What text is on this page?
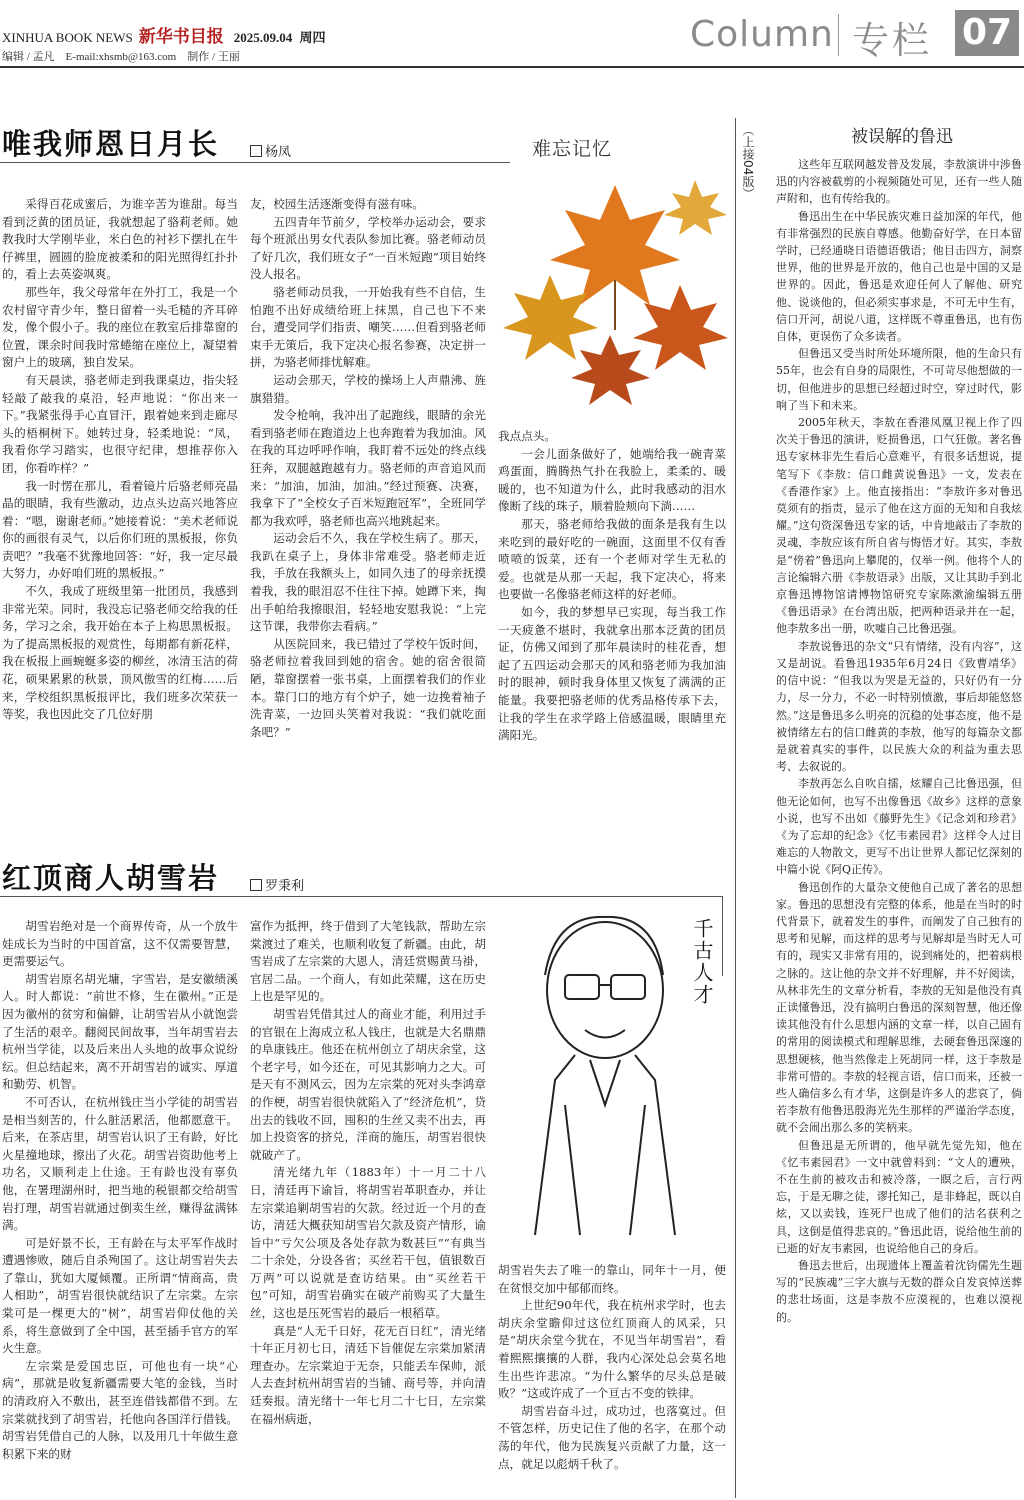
XINHUA BOOK NEWS 新华书目报 2025.09.04 周四
编辑 / 孟凡　E-mail:xhsmb@163.com　制作 / 王丽
Column 专栏 07
唯我师恩日月长	杨凤	难忘记忆

采得百花成蜜后，为谁辛苦为谁甜。每当看到泛黄的团员证，我就想起了骆莉老师。她教我时大学刚毕业，米白色的衬衫下摆扎在牛仔裤里，圆圆的脸庞被柔和的阳光照得红扑扑的，看上去英姿飒爽。

那些年，我父母常年在外打工，我是一个农村留守青少年，整日留着一头毛糙的齐耳碎发，像个假小子。我的座位在教室后排靠窗的位置，课余时间我时常蜷缩在座位上，凝望着窗户上的玻璃，独自发呆。

有天晨读，骆老师走到我课桌边，指尖轻轻敲了敲我的桌沿，轻声地说：“你出来一下。”我紧张得手心直冒汗，跟着她来到走廊尽头的梧桐树下。她转过身，轻柔地说：“凤，我看你学习踏实，也很守纪律，想推荐你入团，你看咋样？”

我一时愣在那儿，看着镜片后骆老师亮晶晶的眼睛，我有些激动，边点头边高兴地答应着：“嗯，谢谢老师。”她接着说：“美术老师说你的画很有灵气，以后你们班的黑板报，你负责吧？”我毫不犹豫地回答：“好，我一定尽最大努力，办好咱们班的黑板报。”

不久，我成了班级里第一批团员，我感到非常光荣。同时，我没忘记骆老师交给我的任务，学习之余，我开始在本子上构思黑板报。为了提高黑板报的观赏性，每期都有新花样，我在板报上画蜿蜒多姿的柳丝，冰清玉洁的荷花，硕果累累的秋景，顶风傲雪的红梅……后来，学校组织黑板报评比，我们班多次荣获一等奖，我也因此交了几位好朋

友，校园生活逐渐变得有滋有味。

五四青年节前夕，学校举办运动会，要求每个班派出男女代表队参加比赛。骆老师动员了好几次，我们班女子“一百米短跑”项目始终没人报名。

骆老师动员我，一开始我有些不自信，生怕跑不出好成绩给班上抹黑，自己也下不来台，遭受同学们指责、嘲笑……但看到骆老师束手无策后，我下定决心报名参赛，决定拼一拼，为骆老师排忧解难。

运动会那天，学校的操场上人声鼎沸、旌旗猎猎。

发令枪响，我冲出了起跑线，眼睛的余光看到骆老师在跑道边上也奔跑着为我加油。风在我的耳边呼呼作响，我盯着不远处的终点线狂奔，双腿越跑越有力。骆老师的声音追风而来：“加油，加油，加油。”经过预赛、决赛，我拿下了“全校女子百米短跑冠军”，全班同学都为我欢呼，骆老师也高兴地跳起来。

运动会后不久，我在学校生病了。那天，我趴在桌子上，身体非常难受。骆老师走近我，手放在我额头上，如同久违了的母亲抚摸着我，我的眼泪忍不住往下掉。她蹲下来，掏出手帕给我擦眼泪，轻轻地安慰我说：“上完这节课，我带你去看病。”

从医院回来，我已错过了学校午饭时间，骆老师拉着我回到她的宿舍。她的宿舍很简陋，靠窗摆着一张书桌，上面摆着我们的作业本。靠门口的地方有个炉子，她一边挽着袖子洗青菜，一边回头笑着对我说：“我们就吃面条吧？”

我点点头。

一会儿面条做好了，她端给我一碗青菜鸡蛋面，腾腾热气扑在我脸上，柔柔的、暖暖的，也不知道为什么，此时我感动的泪水像断了线的珠子，顺着脸颊向下淌……

那天，骆老师给我做的面条是我有生以来吃到的最好吃的一碗面，这面里不仅有香喷喷的饭菜，还有一个老师对学生无私的爱。也就是从那一天起，我下定决心，将来也要做一名像骆老师这样的好老师。

如今，我的梦想早已实现，每当我工作一天疲惫不堪时，我就拿出那本泛黄的团员证，仿佛又闻到了那年晨读时的桂花香，想起了五四运动会那天的风和骆老师为我加油时的眼神，顿时我身体里又恢复了满满的正能量。我要把骆老师的优秀品格传承下去，让我的学生在求学路上倍感温暖，眼睛里充满阳光。

红顶商人胡雪岩	罗秉利
千古人才

胡雪岩绝对是一个商界传奇，从一个放牛娃成长为当时的中国首富，这不仅需要智慧，更需要运气。

胡雪岩原名胡光墉，字雪岩，是安徽绩溪人。时人都说：“前世不修，生在徽州。”正是因为徽州的贫穷和偏僻，让胡雪岩从小就饱尝了生活的艰辛。翻阅民间故事，当年胡雪岩去杭州当学徒，以及后来出人头地的故事众说纷纭。但总结起来，离不开胡雪岩的诚实、厚道和勤劳、机智。

不可否认，在杭州钱庄当小学徒的胡雪岩是相当刻苦的，什么脏活累活，他都愿意干。后来，在茶店里，胡雪岩认识了王有龄，好比火星撞地球，擦出了火花。胡雪岩资助他考上功名，又顺利走上仕途。王有龄也没有辜负他，在署理湖州时，把当地的税银都交给胡雪岩打理，胡雪岩就通过倒卖生丝，赚得盆满钵满。

可是好景不长，王有龄在与太平军作战时遭遇惨败，随后自杀殉国了。这让胡雪岩失去了靠山，犹如大厦倾覆。正所谓“情商高，贵人相助”，胡雪岩很快就结识了左宗棠。左宗棠可是一棵更大的“树”，胡雪岩仰仗他的关系，将生意做到了全中国，甚至插手官方的军火生意。

左宗棠是爱国忠臣，可他也有一块“心病”，那就是收复新疆需要大笔的金钱，当时的清政府入不敷出，甚至连借钱都借不到。左宗棠就找到了胡雪岩，托他向各国洋行借钱。胡雪岩凭借自己的人脉，以及用几十年做生意积累下来的财

富作为抵押，终于借到了大笔钱款，帮助左宗棠渡过了难关，也顺利收复了新疆。由此，胡雪岩成了左宗棠的大恩人，清廷赏赐黄马褂，官居二品。一个商人，有如此荣耀，这在历史上也是罕见的。

胡雪岩凭借其过人的商业才能，利用过手的官银在上海成立私人钱庄，也就是大名鼎鼎的阜康钱庄。他还在杭州创立了胡庆余堂，这个老字号，如今还在，可见其影响力之大。可是天有不测风云，因为左宗棠的死对头李鸿章的作梗，胡雪岩很快就陷入了“经济危机”，贷出去的钱收不回，囤积的生丝又卖不出去，再加上投资客的挤兑，洋商的施压，胡雪岩很快就破产了。

清光绪九年（1883年）十一月二十八日，清廷再下谕旨，将胡雪岩革职查办，并让左宗棠追剿胡雪岩的欠款。经过近一个月的查访，清廷大概获知胡雪岩欠款及资产情形，谕旨中“亏欠公项及各处存款为数甚巨”“有典当二十余处，分设各省；买丝若干包，值银数百万两”可以说就是查访结果。由“买丝若干包”可知，胡雪岩确实在破产前购买了大量生丝，这也是压死雪岩的最后一根稻草。

真是“人无千日好，花无百日红”，清光绪十年正月初七日，清廷下旨催促左宗棠加紧清理查办。左宗棠迫于无奈，只能丢车保帅，派人去查封杭州胡雪岩的当铺、商号等，并向清廷奏报。清光绪十一年七月二十七日，左宗棠在福州病逝，

胡雪岩失去了唯一的靠山，同年十一月，便在贫恨交加中郁郁而终。

上世纪90年代，我在杭州求学时，也去胡庆余堂瞻仰过这位红顶商人的风采，只是“胡庆余堂今犹在，不见当年胡雪岩”，看着熙熙攘攘的人群，我内心深处总会莫名地生出些许悲凉。“为什么繁华的尽头总是破败？”这或许成了一个亘古不变的铁律。

胡雪岩奋斗过，成功过，也落寞过。但不管怎样，历史记住了他的名字，在那个动荡的年代，他为民族复兴贡献了力量，这一点，就足以彪炳千秋了。

（上接04版）	被误解的鲁迅

这些年互联网越发普及发展，李敖演讲中涉鲁迅的内容被截剪的小视频随处可见，还有一些人随声附和，也有传给我的。

鲁迅出生在中华民族灾难日益加深的年代，他有非常强烈的民族自尊感。他勤奋好学，在日本留学时，已经通晓日语德语俄语；他目击四方，洞察世界，他的世界是开放的，他自己也是中国的又是世界的。因此，鲁迅是欢迎任何人了解他、研究他、说谈他的，但必须实事求是，不可无中生有，信口开河，胡说八道，这样既不尊重鲁迅，也有伤自体，更误伤了众多读者。

但鲁迅又受当时所处环境所限，他的生命只有55年，也会有自身的局限性，不可苛尽他想做的一切，但他进步的思想已经超过时空，穿过时代，影响了当下和未来。

2005年秋天，李敖在香港凤凰卫视上作了四次关于鲁迅的演讲，贬损鲁迅，口气狂傲。著名鲁迅专家林非先生看后心意难平，有很多话想说，提笔写下《李敖：信口雌黄说鲁迅》一文，发表在《香港作家》上。他直接指出：“李敖许多对鲁迅莫须有的指责，显示了他在这方面的无知和自我炫耀。”这句资深鲁迅专家的话，中肯地敲击了李敖的灵魂，李敖应该有所自省与悔悟才好。其实，李敖是“傍着”鲁迅向上攀爬的，仅举一例。他将个人的言论编辑六册《李敖语录》出版，又让其助手到北京鲁迅博物馆请博物馆研究专家陈漱渝编辑五册《鲁迅语录》在台湾出版，把两种语录并在一起，他李敖多出一册，吹嘘自己比鲁迅强。

李敖说鲁迅的杂文“只有情绪，没有内容”，这又是胡说。看鲁迅1935年6月24日《致曹靖华》的信中说：“但我以为哭是无益的，只好仍有一分力，尽一分力，不必一时特别愤激，事后却能悠悠然。”这是鲁迅多么明亮的沉稳的处事态度，他不是被情绪左右的信口雌黄的李敖，他写的每篇杂文都是就着真实的事件，以民族大众的利益为重去思考、去叙说的。

李敖再怎么自吹自擂，炫耀自己比鲁迅强，但他无论如何，也写不出像鲁迅《故乡》这样的意象小说，也写不出如《藤野先生》《记念刘和珍君》《为了忘却的纪念》《忆韦素园君》这样令人过目难忘的人物散文，更写不出让世界人都记忆深刻的中篇小说《阿Q正传》。

鲁迅创作的大量杂文使他自己成了著名的思想家。鲁迅的思想没有完整的体系，他是在当时的时代背景下，就着发生的事件，而阐发了自己独有的思考和见解，而这样的思考与见解却是当时无人可有的，现实又非常有用的，说到痛处的，把着病根之脉的。这让他的杂文并不好理解，并不好阅读，从林非先生的文章分析看，李敖的无知是他没有真正读懂鲁迅，没有搞明白鲁迅的深刻智慧，他还像读其他没有什么思想内涵的文章一样，以自己固有的常用的阅读模式和理解思维，去硬套鲁迅深邃的思想硬核，他当然像走上死胡同一样，这于李敖是非常可惜的。李敖的轻视言语，信口而来，还被一些人确信多么有才华，这倒是许多人的悲哀了，倘若李敖有他鲁迅殷海光先生那样的严谨治学态度，就不会闹出那么多的笑柄来。

但鲁迅是无所谓的，他早就先觉先知，他在《忆韦素园君》一文中就曾料到：“文人的遭殃，不在生前的被攻击和被冷落，一瞑之后，言行两忘，于是无聊之徒，谬托知己，是非蜂起，既以自炫，又以卖钱，连死尸也成了他们的沽名获利之具，这倒是值得悲哀的。”鲁迅此语，说给他生前的已逝的好友韦素园，也说给他自己的身后。

鲁迅去世后，出现遗体上覆盖着沈钧儒先生题写的“民族魂”三字大旗与无数的群众自发哀悼送葬的悲壮场面，这是李敖不应漠视的，也难以漠视的。
